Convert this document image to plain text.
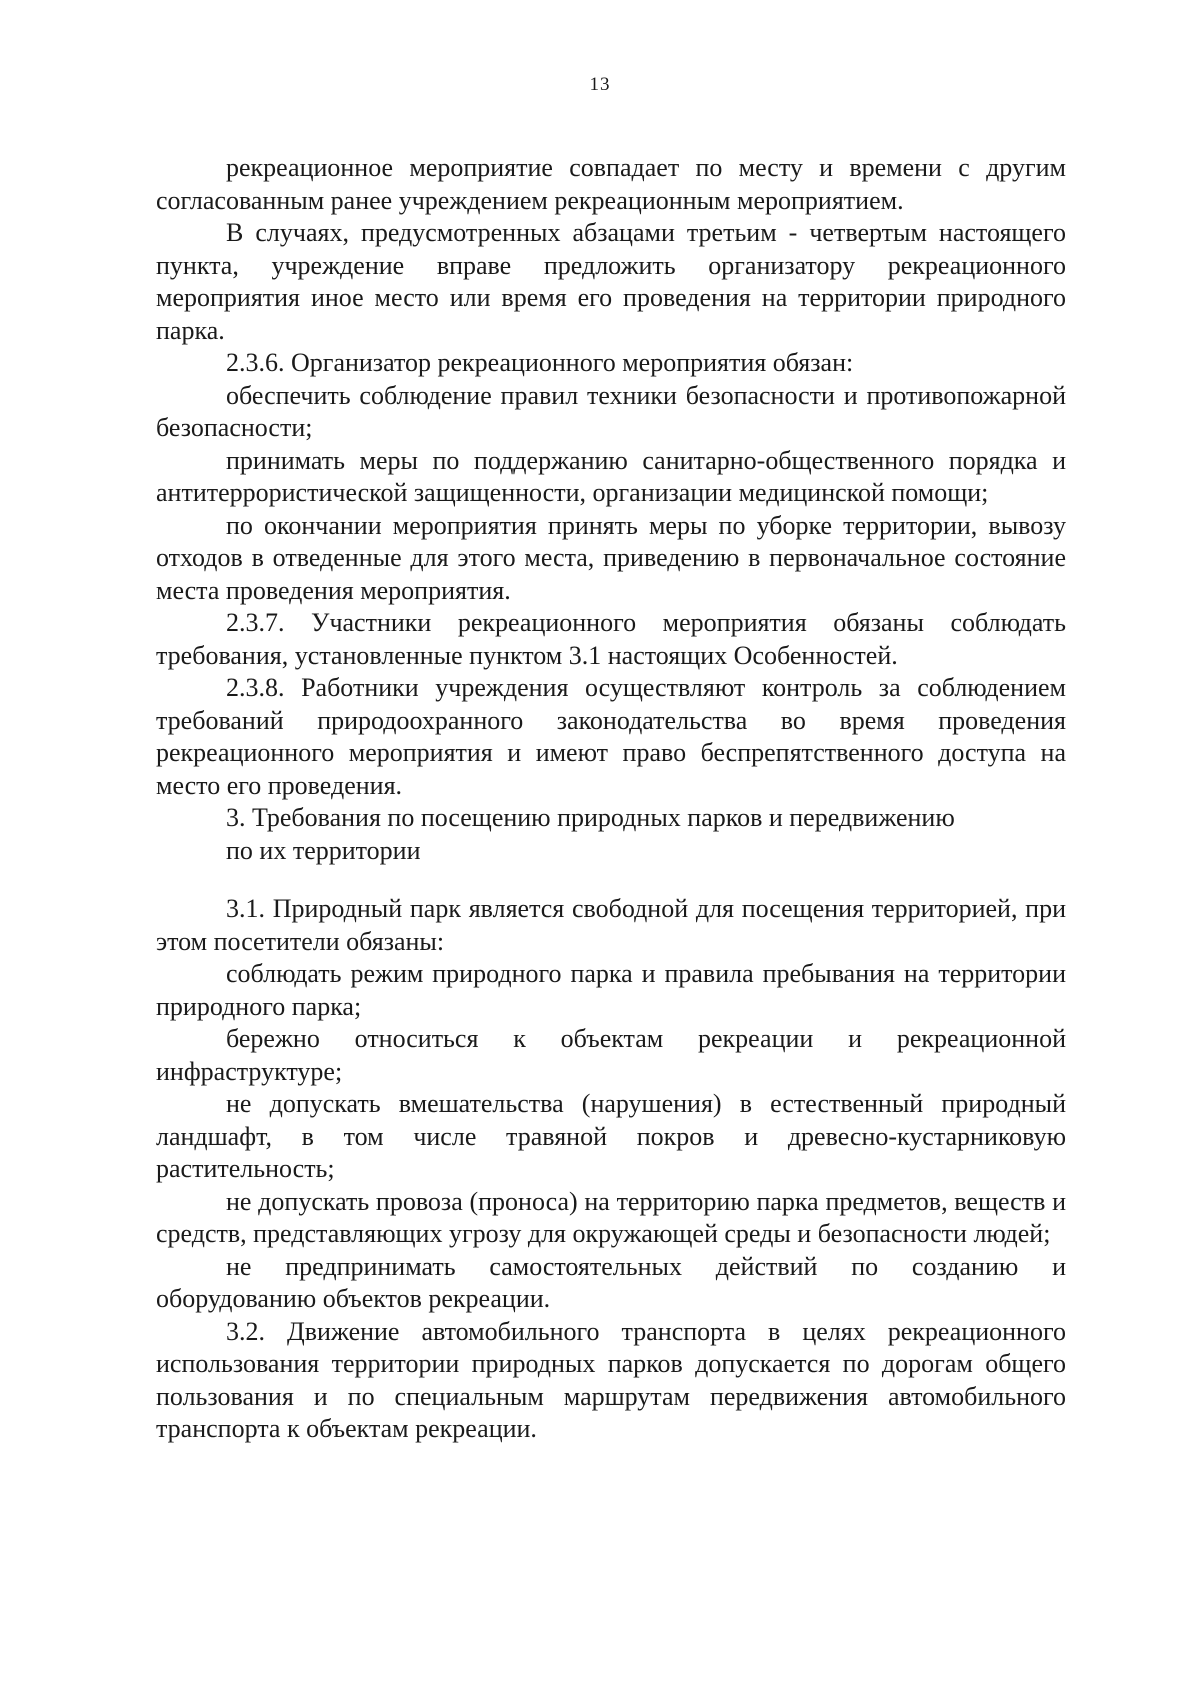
13

рекреационное мероприятие совпадает по месту и времени с другим согласованным ранее учреждением рекреационным мероприятием.

В случаях, предусмотренных абзацами третьим - четвертым настоящего пункта, учреждение вправе предложить организатору рекреационного мероприятия иное место или время его проведения на территории природного парка.

2.3.6. Организатор рекреационного мероприятия обязан:

обеспечить соблюдение правил техники безопасности и противопожарной безопасности;

принимать меры по поддержанию санитарно-общественного порядка и антитеррористической защищенности, организации медицинской помощи;

по окончании мероприятия принять меры по уборке территории, вывозу отходов в отведенные для этого места, приведению в первоначальное состояние места проведения мероприятия.

2.3.7. Участники рекреационного мероприятия обязаны соблюдать требования, установленные пунктом 3.1 настоящих Особенностей.

2.3.8. Работники учреждения осуществляют контроль за соблюдением требований природоохранного законодательства во время проведения рекреационного мероприятия и имеют право беспрепятственного доступа на место его проведения.

3. Требования по посещению природных парков и передвижению
по их территории

3.1. Природный парк является свободной для посещения территорией, при этом посетители обязаны:

соблюдать режим природного парка и правила пребывания на территории природного парка;

бережно относиться к объектам рекреации и рекреационной инфраструктуре;

не допускать вмешательства (нарушения) в естественный природный ландшафт, в том числе травяной покров и древесно-кустарниковую растительность;

не допускать провоза (проноса) на территорию парка предметов, веществ и средств, представляющих угрозу для окружающей среды и безопасности людей;

не предпринимать самостоятельных действий по созданию и оборудованию объектов рекреации.

3.2. Движение автомобильного транспорта в целях рекреационного использования территории природных парков допускается по дорогам общего пользования и по специальным маршрутам передвижения автомобильного транспорта к объектам рекреации.
